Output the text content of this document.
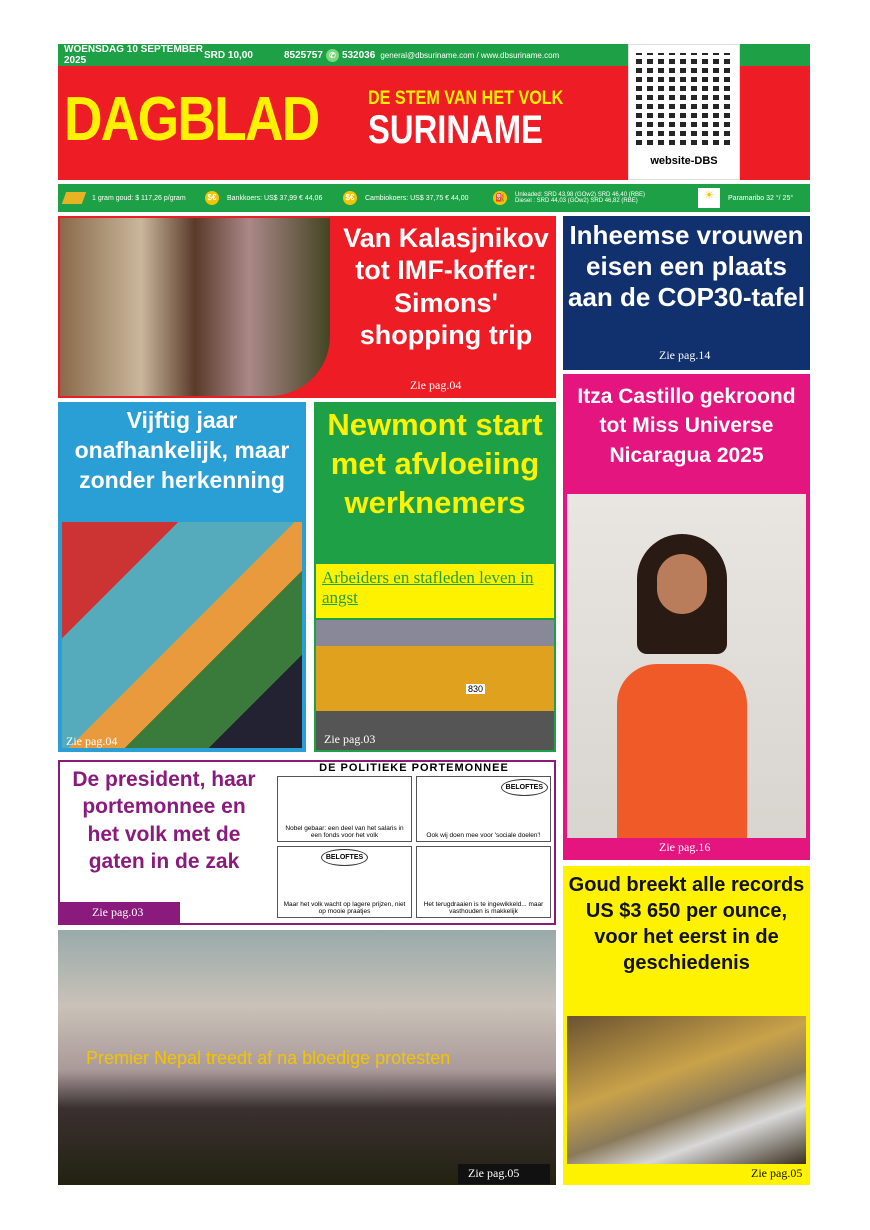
WOENSDAG 10 SEPTEMBER 2025	SRD 10,00	8525757 ✆ 532036 general@dbsuriname.com / www.dbsuriname.com
DAGBLAD	DE STEM VAN HET VOLK
SURINAME
website-DBS
1 gram goud: $ 117,26 p/gram	$€	Bankkoers: US$ 37,99 € 44,06	$€	Cambiokoers: US$ 37,75 € 44,00	⛽	Unleaded: SRD 43,98 (GOw2) SRD 46,40 (RBE)
Diesel : SRD 44,03 (GOw2) SRD 46,82 (RBE)	☀	Paramaribo 32 °/ 25°
Van Kalasjnikov tot IMF-koffer: Simons' shopping trip
Zie pag.04
Inheemse vrouwen eisen een plaats aan de COP30-tafel
Zie pag.14
Itza Castillo gekroond tot Miss Universe Nicaragua 2025
Zie pag.16
Vijftig jaar onafhankelijk, maar zonder herkenning
Zie pag.04
Newmont start met afvloeiing werknemers
Arbeiders en stafleden leven in angst
830
Zie pag.03
De president, haar portemonnee en het volk met de gaten in de zak
Zie pag.03
DE POLITIEKE PORTEMONNEE
Nobel gebaar: een deel van het salaris in een fonds voor het volk
BELOFTES
Ook wij doen mee voor 'sociale doelen'!
BELOFTES
Maar het volk wacht op lagere prijzen, niet op mooie praatjes
Het terugdraaien is te ingewikkeld... maar vasthouden is makkelijk
Premier Nepal treedt af na bloedige protesten
Zie pag.05
Goud breekt alle records US $3 650 per ounce, voor het eerst in de geschiedenis
Zie pag.05
